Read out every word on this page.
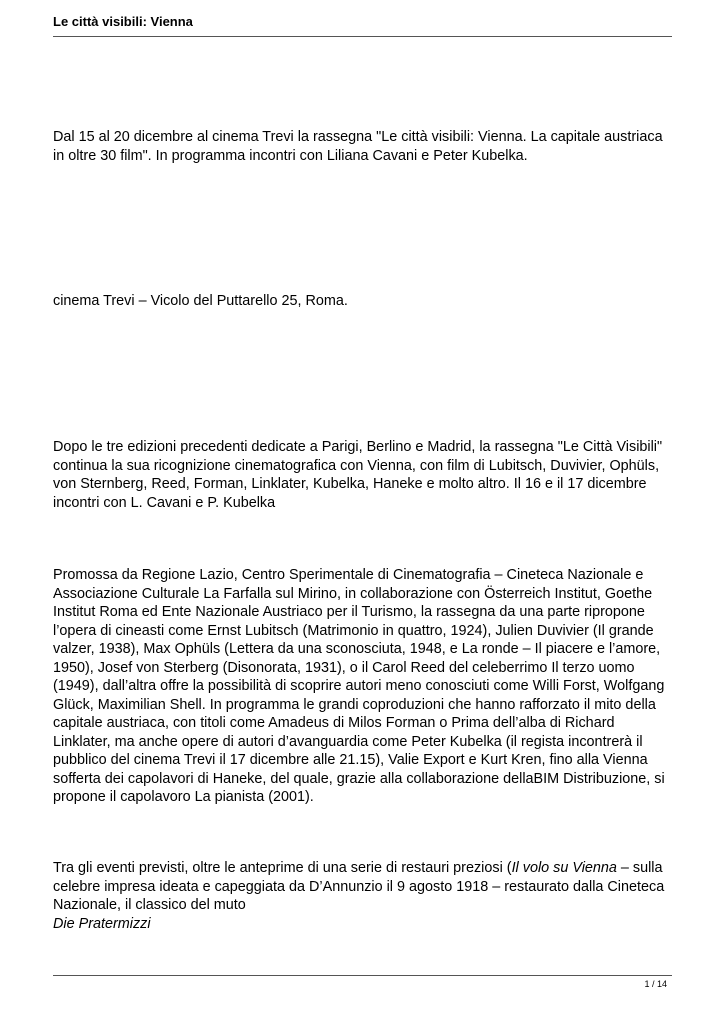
Le città visibili: Vienna

Dal 15 al 20 dicembre al cinema Trevi la rassegna "Le città visibili: Vienna. La capitale austriaca in oltre 30 film". In programma incontri con Liliana Cavani e Peter Kubelka.

cinema Trevi – Vicolo del Puttarello 25, Roma.

Dopo le tre edizioni precedenti dedicate a Parigi, Berlino e Madrid, la rassegna "Le Città Visibili" continua la sua ricognizione cinematografica con Vienna, con film di Lubitsch, Duvivier, Ophüls, von Sternberg, Reed, Forman, Linklater, Kubelka, Haneke e molto altro. Il 16 e il 17 dicembre incontri con L. Cavani e P. Kubelka

Promossa da Regione Lazio, Centro Sperimentale di Cinematografia – Cineteca Nazionale e Associazione Culturale La Farfalla sul Mirino, in collaborazione con Österreich Institut, Goethe Institut Roma ed Ente Nazionale Austriaco per il Turismo, la rassegna da una parte ripropone l’opera di cineasti come Ernst Lubitsch (Matrimonio in quattro, 1924), Julien Duvivier (Il grande valzer, 1938), Max Ophüls (Lettera da una sconosciuta, 1948, e La ronde – Il piacere e l’amore, 1950), Josef von Sterberg (Disonorata, 1931), o il Carol Reed del celeberrimo Il terzo uomo (1949), dall’altra offre la possibilità di scoprire autori meno conosciuti come Willi Forst, Wolfgang Glück, Maximilian Shell. In programma le grandi coproduzioni che hanno rafforzato il mito della capitale austriaca, con titoli come Amadeus di Milos Forman o Prima dell’alba di Richard Linklater, ma anche opere di autori d’avanguardia come Peter Kubelka (il regista incontrerà il pubblico del cinema Trevi il 17 dicembre alle 21.15), Valie Export e Kurt Kren, fino alla Vienna sofferta dei capolavori di Haneke, del quale, grazie alla collaborazione dellaBIM Distribuzione, si propone il capolavoro La pianista (2001).

Tra gli eventi previsti, oltre le anteprime di una serie di restauri preziosi (Il volo su Vienna – sulla celebre impresa ideata e capeggiata da D’Annunzio il 9 agosto 1918 – restaurato dalla Cineteca Nazionale, il classico del muto
Die Pratermizzi

1 / 14
